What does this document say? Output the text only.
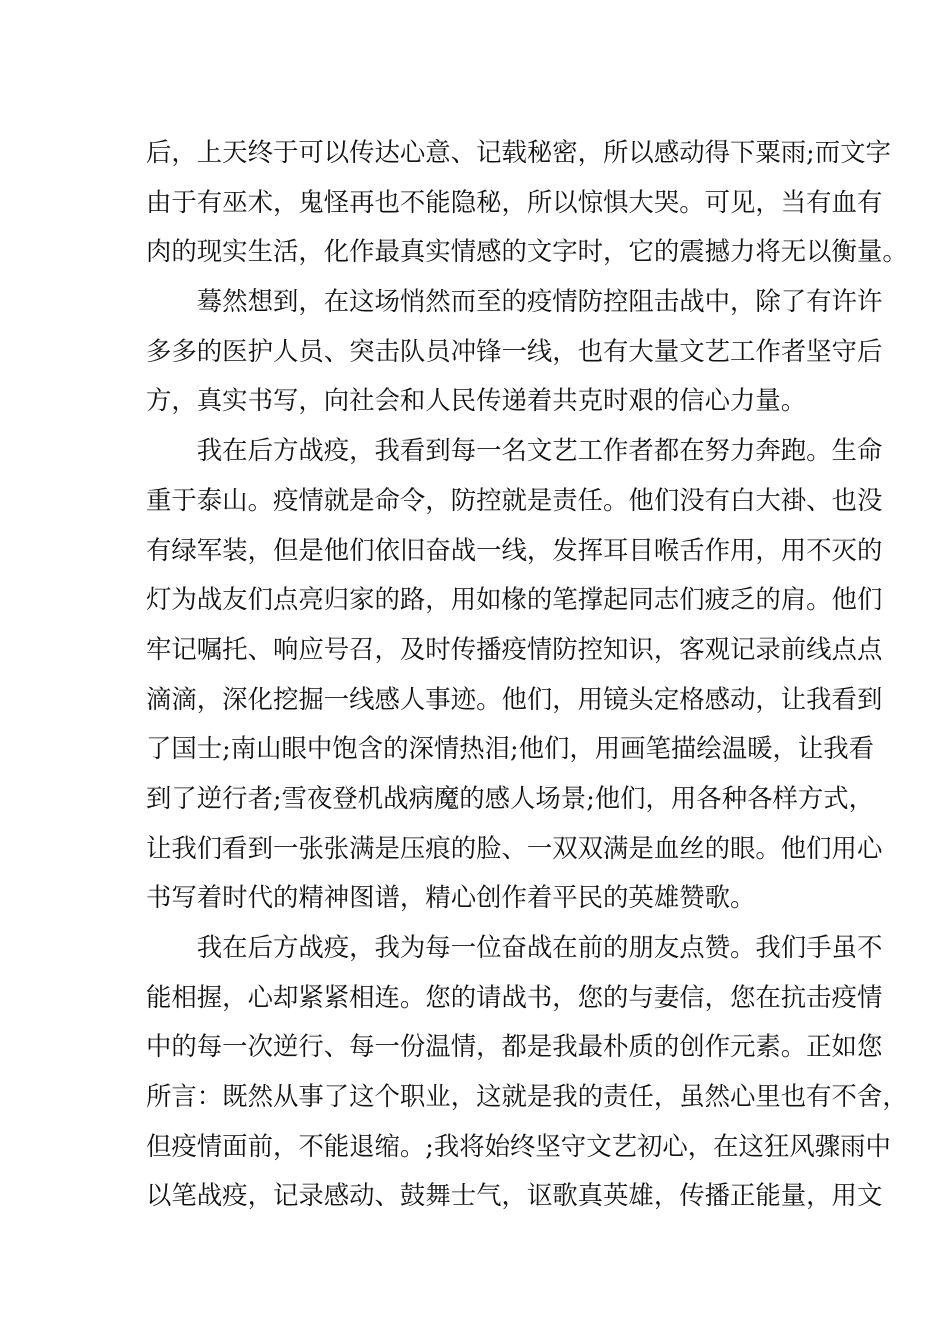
后，上天终于可以传达心意、记载秘密，所以感动得下粟雨;而文字
由于有巫术，鬼怪再也不能隐秘，所以惊惧大哭。可见，当有血有
肉的现实生活，化作最真实情感的文字时，它的震撼力将无以衡量。
　　蓦然想到，在这场悄然而至的疫情防控阻击战中，除了有许许
多多的医护人员、突击队员冲锋一线，也有大量文艺工作者坚守后
方，真实书写，向社会和人民传递着共克时艰的信心力量。
　　我在后方战疫，我看到每一名文艺工作者都在努力奔跑。生命
重于泰山。疫情就是命令，防控就是责任。他们没有白大褂、也没
有绿军装，但是他们依旧奋战一线，发挥耳目喉舌作用，用不灭的
灯为战友们点亮归家的路，用如椽的笔撑起同志们疲乏的肩。他们
牢记嘱托、响应号召，及时传播疫情防控知识，客观记录前线点点
滴滴，深化挖掘一线感人事迹。他们，用镜头定格感动，让我看到
了国士;南山眼中饱含的深情热泪;他们，用画笔描绘温暖，让我看
到了逆行者;雪夜登机战病魔的感人场景;他们，用各种各样方式，
让我们看到一张张满是压痕的脸、一双双满是血丝的眼。他们用心
书写着时代的精神图谱，精心创作着平民的英雄赞歌。
　　我在后方战疫，我为每一位奋战在前的朋友点赞。我们手虽不
能相握，心却紧紧相连。您的请战书，您的与妻信，您在抗击疫情
中的每一次逆行、每一份温情，都是我最朴质的创作元素。正如您
所言：既然从事了这个职业，这就是我的责任，虽然心里也有不舍，
但疫情面前，不能退缩。;我将始终坚守文艺初心，在这狂风骤雨中
以笔战疫，记录感动、鼓舞士气，讴歌真英雄，传播正能量，用文
